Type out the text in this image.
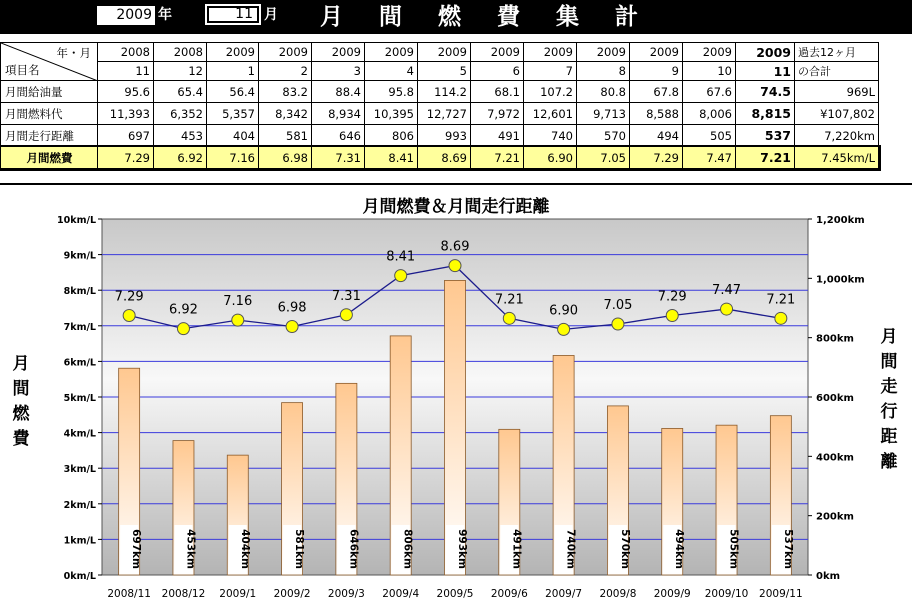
2009 年	11 月 月 間 燃 費 集 計
年・月
項目名	2008	2008	2009	2009	2009	2009	2009	2009	2009	2009	2009	2009	2009	過去12ヶ月
	11	12	1	2	3	4	5	6	7	8	9	10	11	の合計
月間給油量	95.6	65.4	56.4	83.2	88.4	95.8	114.2	68.1	107.2	80.8	67.8	67.6	74.5	969L
月間燃料代	11,393	6,352	5,357	8,342	8,934	10,395	12,727	7,972	12,601	9,713	8,588	8,006	8,815	¥107,802
月間走行距離	697	453	404	581	646	806	993	491	740	570	494	505	537	7,220km
月間燃費	7.29	6.92	7.16	6.98	7.31	8.41	8.69	7.21	6.90	7.05	7.29	7.47	7.21	7.45km/L
月間燃費＆月間走行距離
0km/L
1km/L
2km/L
3km/L
4km/L
5km/L
6km/L
7km/L
8km/L
9km/L
10km/L
0km
200km
400km
600km
800km
1,000km
1,200km
697km	453km	404km	581km	646km	806km	993km	491km	740km	570km	494km	505km	537km
7.29
6.92
7.16 6.98
7.31
8.41
8.69
7.21
6.90 7.05
7.29 7.47
7.21
2008/11 2008/12 2009/1 2009/2 2009/3 2009/4 2009/5 2009/6 2009/7 2009/8 2009/9 2009/10 2009/11
月
間
燃
費
月
間
走
行
距
離
